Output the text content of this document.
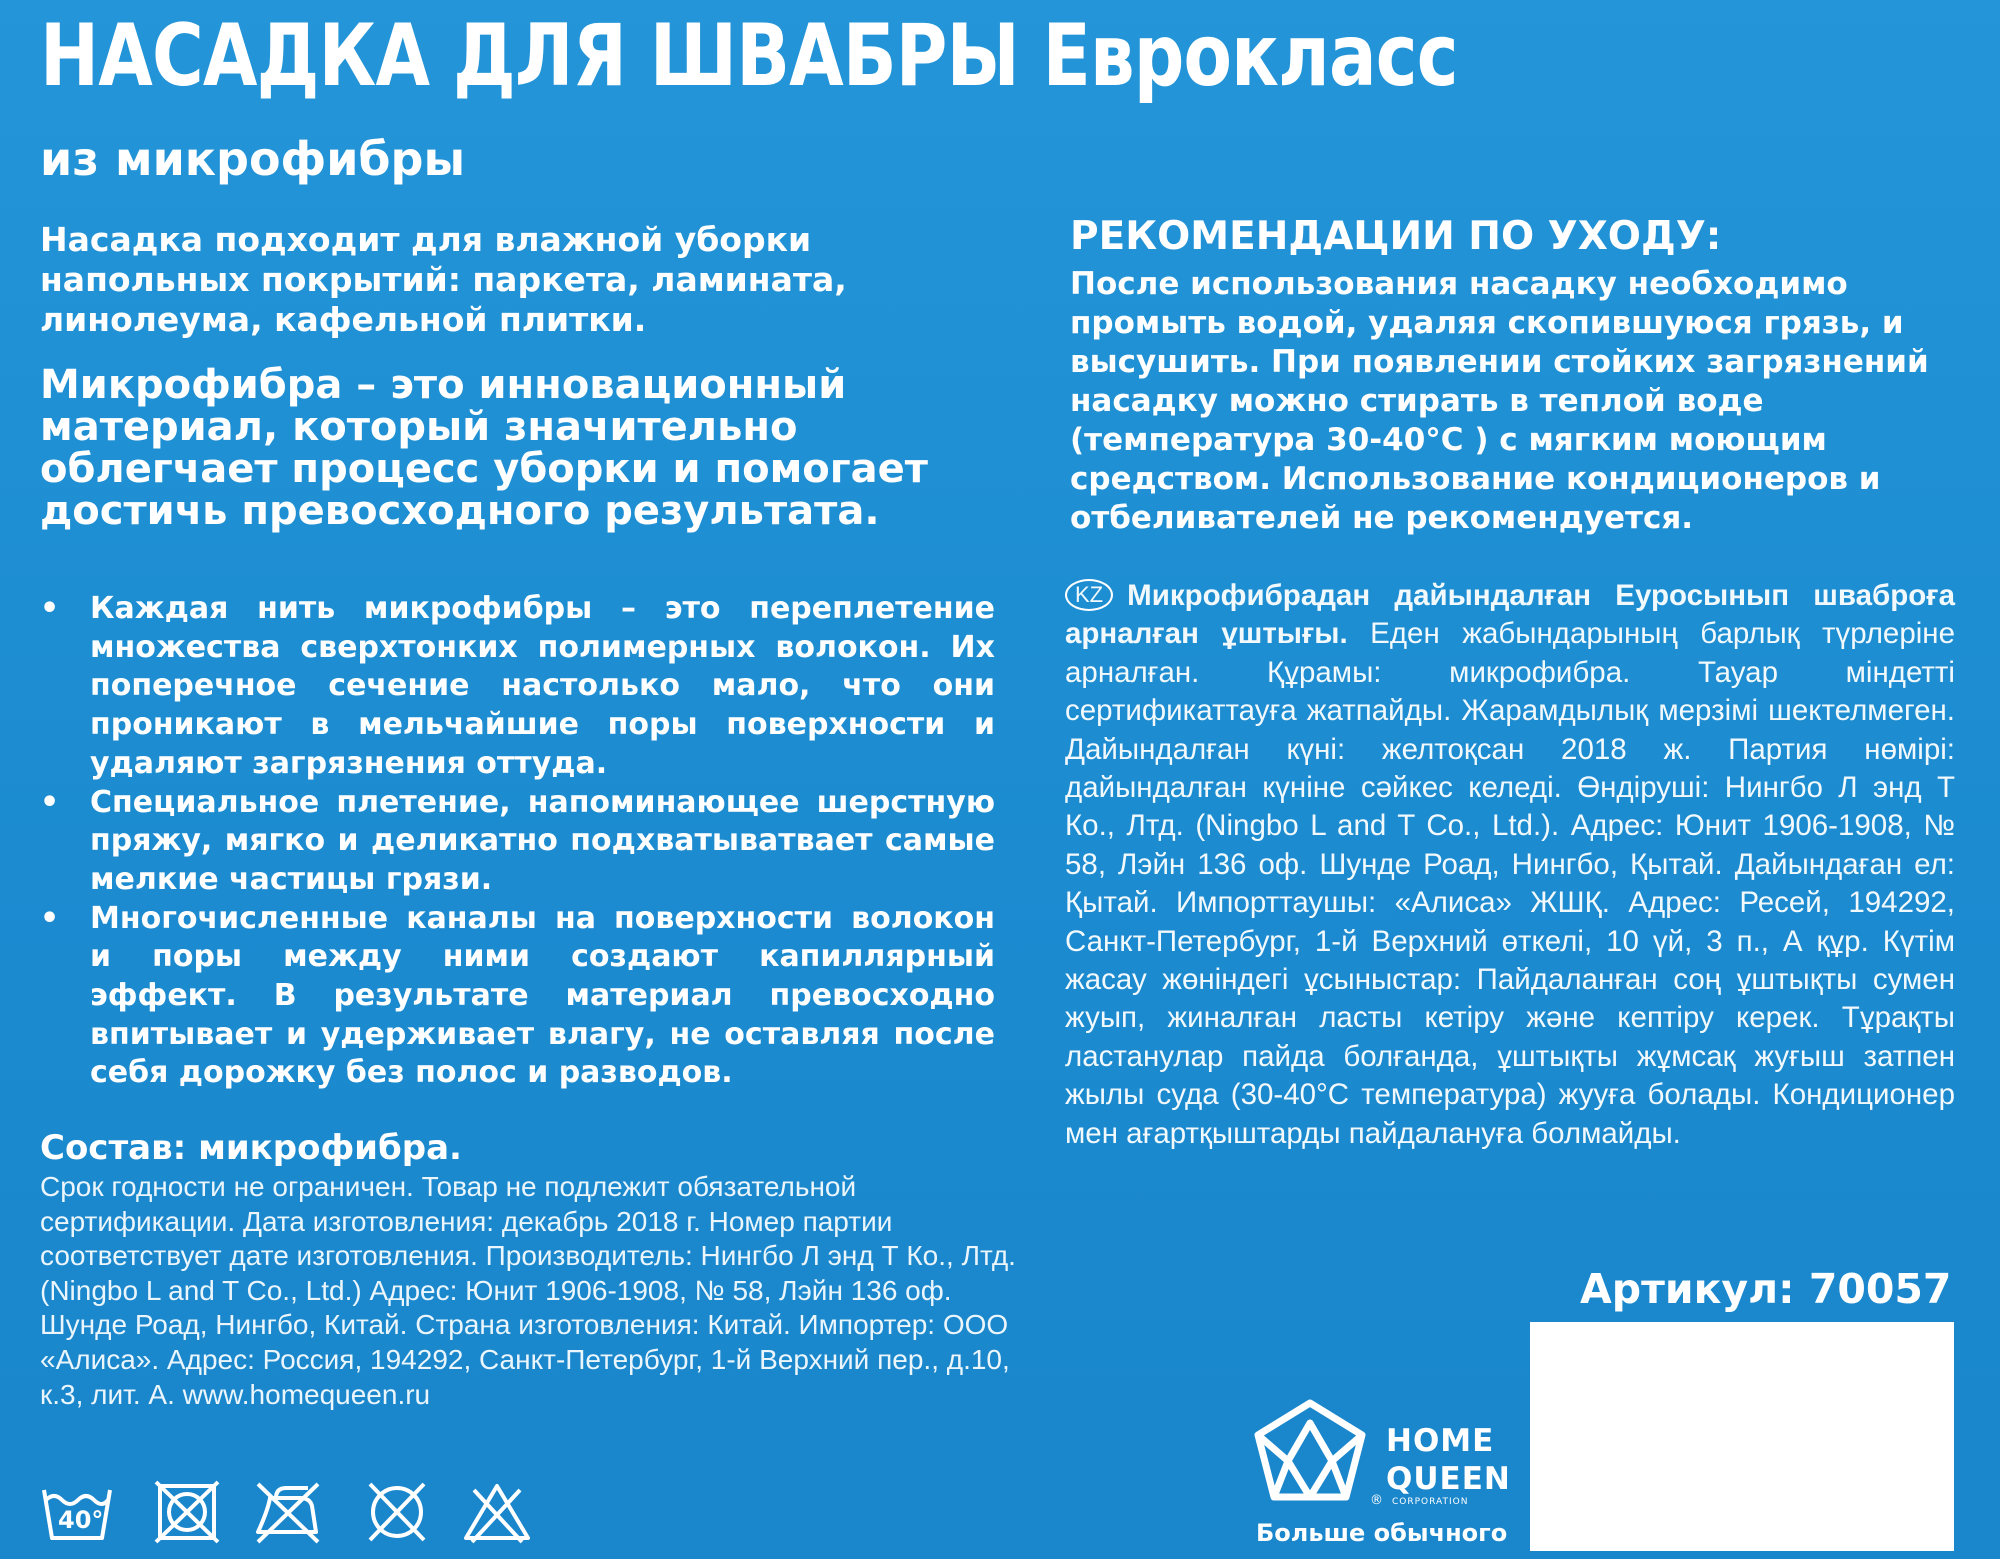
НАСАДКА ДЛЯ ШВАБРЫ Еврокласс
из микрофибры

Насадка подходит для влажной уборки напольных покрытий: паркета, ламината, линолеума, кафельной плитки.

Микрофибра – это инновационный материал, который значительно облегчает процесс уборки и помогает достичь превосходного результата.

• Каждая нить микрофибры – это переплетение множества сверхтонких полимерных волокон. Их поперечное сечение настолько мало, что они проникают в мельчайшие поры поверхности и удаляют загрязнения оттуда.
• Специальное плетение, напоминающее шерстную пряжу, мягко и деликатно подхватыватвает самые мелкие частицы грязи.
• Многочисленные каналы на поверхности волокон и поры между ними создают капиллярный эффект. В результате материал превосходно впитывает и удерживает влагу, не оставляя после себя дорожку без полос и разводов.
Состав: микрофибра.
Срок годности не ограничен. Товар не подлежит обязательной сертификации. Дата изготовления: декабрь 2018 г. Номер партии соответствует дате изготовления. Производитель: Нингбо Л энд Т Ко., Лтд. (Ningbo L and T Co., Ltd.) Адрес: Юнит 1906-1908, № 58, Лэйн 136 оф. Шунде Роад, Нингбо, Китай. Страна изготовления: Китай. Импортер: ООО «Алиса». Адрес: Россия, 194292, Санкт-Петербург, 1-й Верхний пер., д.10, к.3, лит. А. www.homequeen.ru
РЕКОМЕНДАЦИИ ПО УХОДУ:

После использования насадку необходимо промыть водой, удаляя скопившуюся грязь, и высушить. При появлении стойких загрязнений насадку можно стирать в теплой воде (температура 30-40°С ) с мягким моющим средством. Использование кондиционеров и отбеливателей не рекомендуется.

KZ Микрофибрадан дайындалған Еуросынып шваброға арналған ұштығы. Еден жабындарының барлық түрлеріне арналған. Құрамы: микрофибра. Тауар міндетті сертификаттауға жатпайды. Жарамдылық мерзімі шектелмеген. Дайындалған күні: желтоқсан 2018 ж. Партия нөмірі: дайындалған күніне сәйкес келеді. Өндіруші: Нингбо Л энд Т Ко., Лтд. (Ningbo L and T Co., Ltd.). Адрес: Юнит 1906-1908, № 58, Лэйн 136 оф. Шунде Роад, Нингбо, Қытай. Дайындаған ел: Қытай. Импорттаушы: «Алиса» ЖШҚ. Адрес: Ресей, 194292, Санкт-Петербург, 1-й Верхний өткелі, 10 үй, 3 п., А құр. Күтім жасау жөніндегі ұсыныстар: Пайдаланған соң ұштықты сумен жуып, жиналған ласты кетіру және кептіру керек. Тұрақты ластанулар пайда болғанда, ұштықты жұмсақ жуғыш затпен жылы суда (30-40°С температура) жууға болады. Кондиционер мен ағартқыштарды пайдалануға болмайды.

Артикул: 70057
HOME
QUEEN
® CORPORATION
Больше обычного
40°
